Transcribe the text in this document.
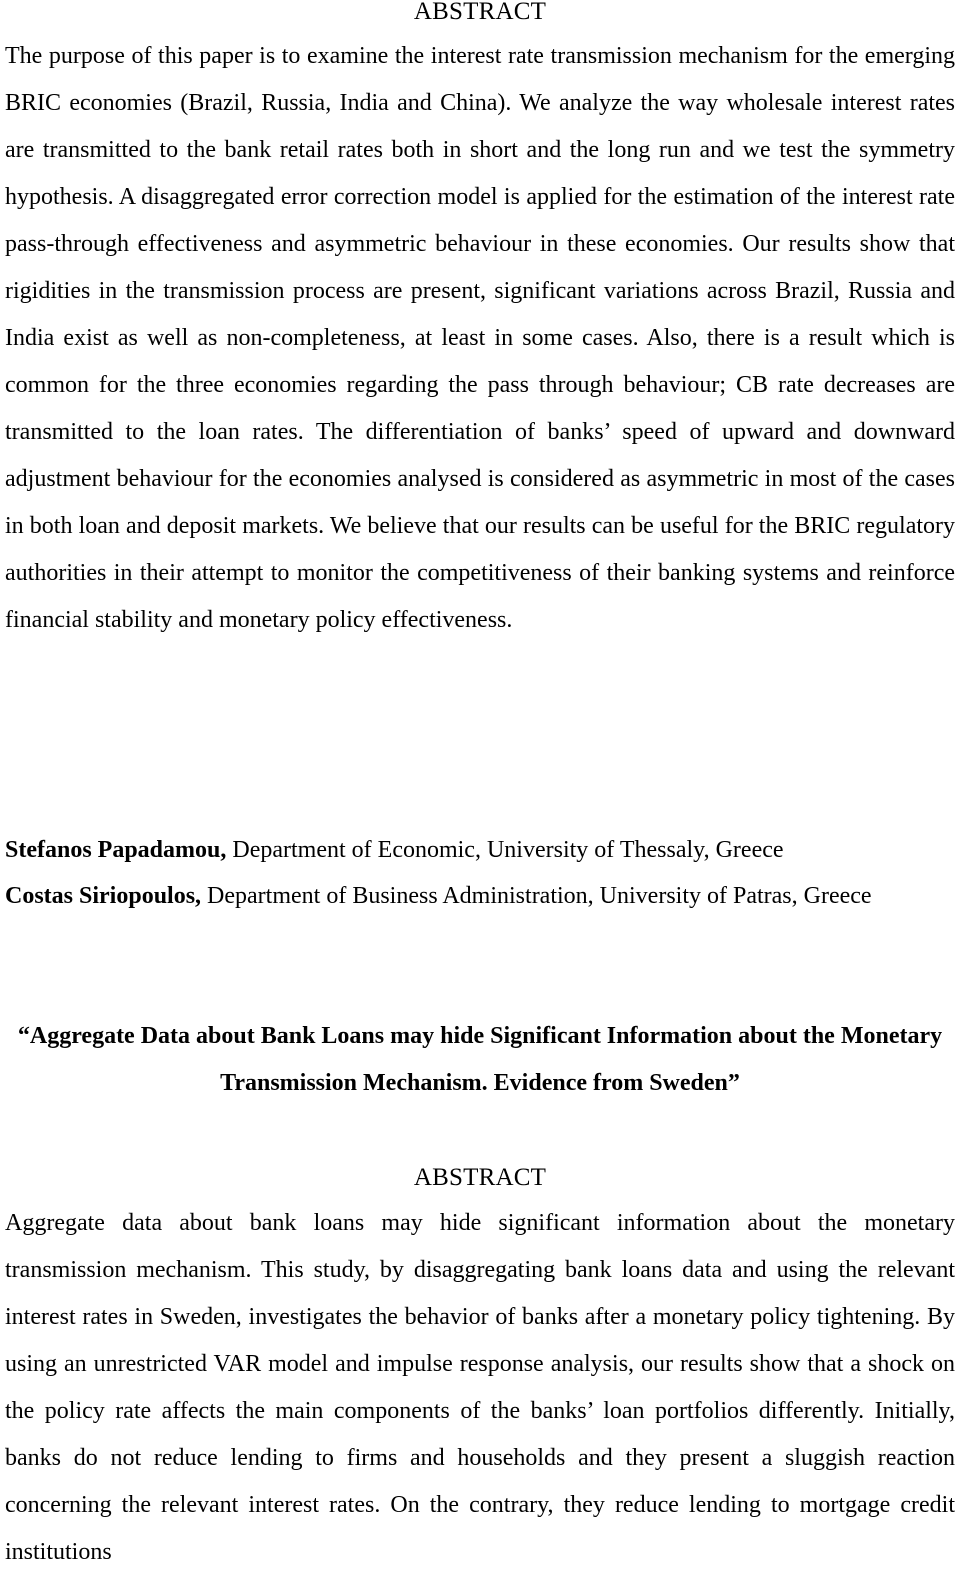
ABSTRACT
The purpose of this paper is to examine the interest rate transmission mechanism for the emerging BRIC economies (Brazil, Russia, India and China). We analyze the way wholesale interest rates are transmitted to the bank retail rates both in short and the long run and we test the symmetry hypothesis. A disaggregated error correction model is applied for the estimation of the interest rate pass-through effectiveness and asymmetric behaviour in these economies. Our results show that rigidities in the transmission process are present, significant variations across Brazil, Russia and India exist as well as non-completeness, at least in some cases. Also, there is a result which is common for the three economies regarding the pass through behaviour; CB rate decreases are transmitted to the loan rates. The differentiation of banks’ speed of upward and downward adjustment behaviour for the economies analysed is considered as asymmetric in most of the cases in both loan and deposit markets. We believe that our results can be useful for the BRIC regulatory authorities in their attempt to monitor the competitiveness of their banking systems and reinforce financial stability and monetary policy effectiveness.
Stefanos Papadamou, Department of Economic, University of Thessaly, Greece
Costas Siriopoulos, Department of Business Administration, University of Patras, Greece
“Aggregate Data about Bank Loans may hide Significant Information about the Monetary Transmission Mechanism. Evidence from Sweden”
ABSTRACT
Aggregate data about bank loans may hide significant information about the monetary transmission mechanism. This study, by disaggregating bank loans data and using the relevant interest rates in Sweden, investigates the behavior of banks after a monetary policy tightening. By using an unrestricted VAR model and impulse response analysis, our results show that a shock on the policy rate affects the main components of the banks’ loan portfolios differently. Initially, banks do not reduce lending to firms and households and they present a sluggish reaction concerning the relevant interest rates. On the contrary, they reduce lending to mortgage credit institutions
